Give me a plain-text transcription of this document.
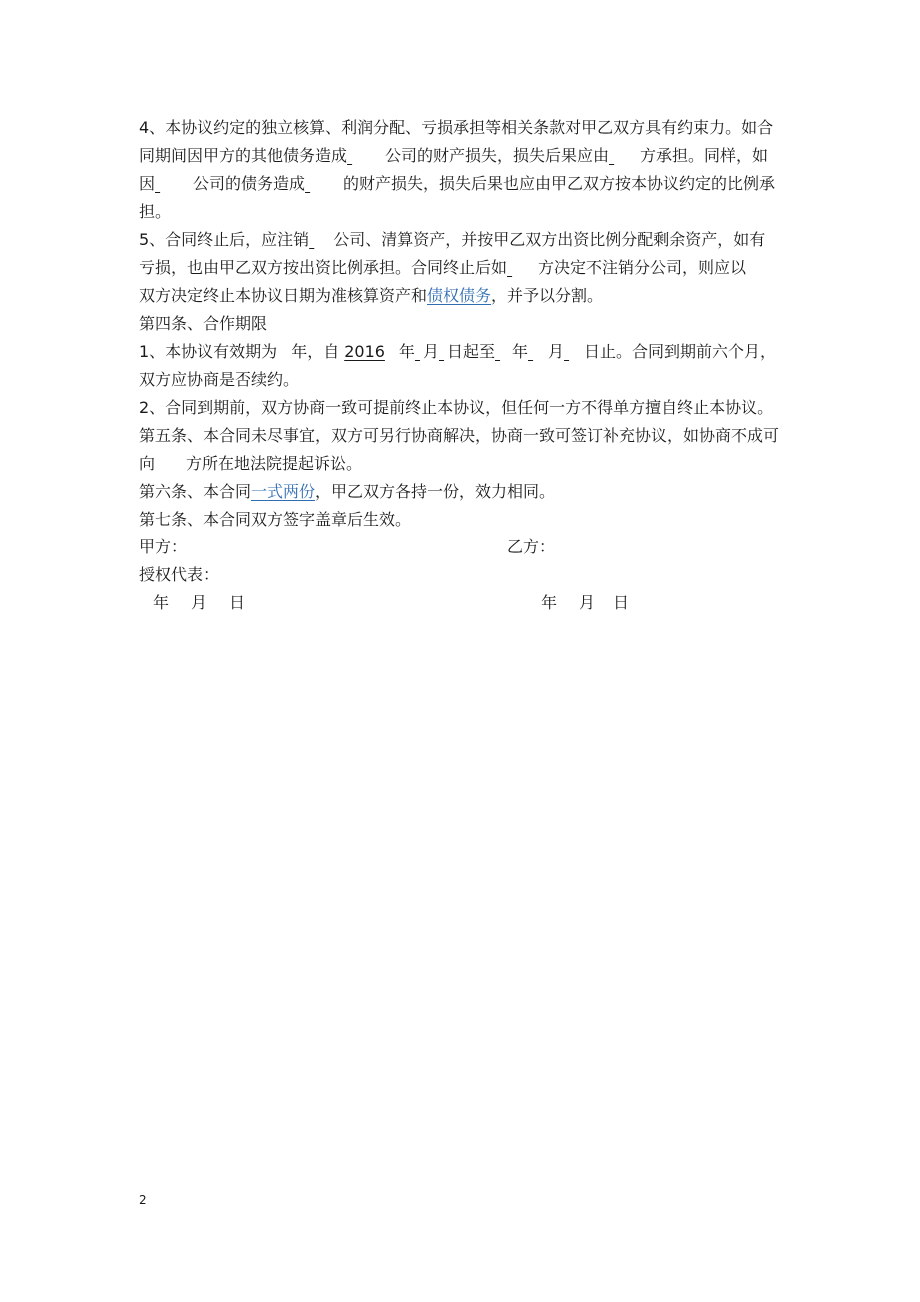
4、本协议约定的独立核算、利润分配、亏损承担等相关条款对甲乙双方具有约束力。如合
同期间因甲方的其他债务造成 公司的财产损失，损失后果应由 方承担。同样，如
因 公司的债务造成 的财产损失，损失后果也应由甲乙双方按本协议约定的比例承
担。
5、合同终止后，应注销 公司、清算资产，并按甲乙双方出资比例分配剩余资产，如有
亏损，也由甲乙双方按出资比例承担。合同终止后如 方决定不注销分公司，则应以
双方决定终止本协议日期为准核算资产和债权债务，并予以分割。
第四条、合作期限
1、本协议有效期为 年，自 2016 年 月 日起至 年 月 日止。合同到期前六个月，
双方应协商是否续约。
2、合同到期前，双方协商一致可提前终止本协议，但任何一方不得单方擅自终止本协议。
第五条、本合同未尽事宜，双方可另行协商解决，协商一致可签订补充协议，如协商不成可
向 方所在地法院提起诉讼。
第六条、本合同一式两份，甲乙双方各持一份，效力相同。
第七条、本合同双方签字盖章后生效。
甲方：	乙方：
授权代表：
年 月 日	年 月 日
2
